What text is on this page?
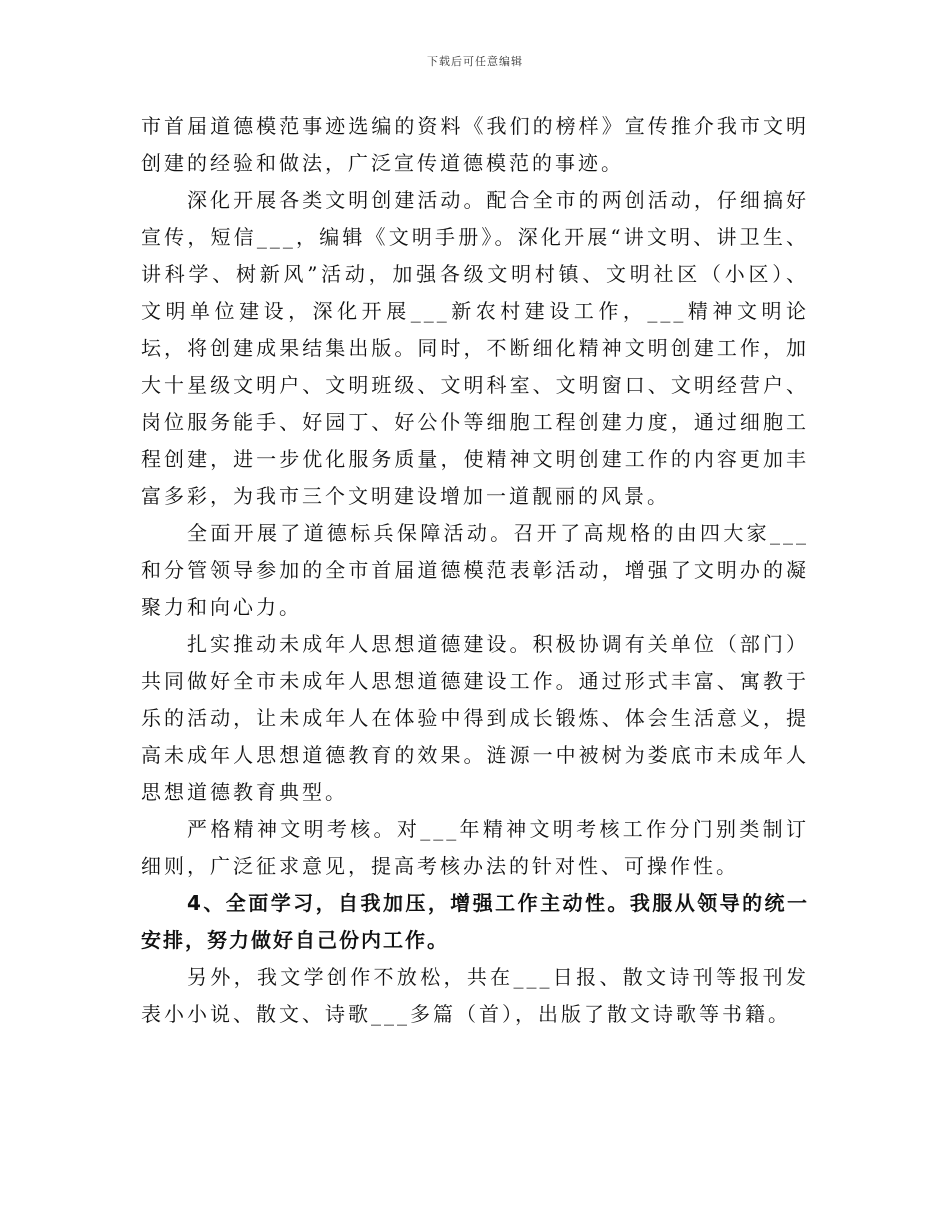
下载后可任意编辑

市首届道德模范事迹选编的资料《我们的榜样》宣传推介我市文明创建的经验和做法，广泛宣传道德模范的事迹。

深化开展各类文明创建活动。配合全市的两创活动，仔细搞好宣传，短信___，编辑《文明手册》。深化开展“讲文明、讲卫生、讲科学、树新风”活动，加强各级文明村镇、文明社区（小区）、文明单位建设，深化开展___新农村建设工作，___精神文明论坛，将创建成果结集出版。同时，不断细化精神文明创建工作，加大十星级文明户、文明班级、文明科室、文明窗口、文明经营户、岗位服务能手、好园丁、好公仆等细胞工程创建力度，通过细胞工程创建，进一步优化服务质量，使精神文明创建工作的内容更加丰富多彩，为我市三个文明建设增加一道靓丽的风景。

全面开展了道德标兵保障活动。召开了高规格的由四大家___和分管领导参加的全市首届道德模范表彰活动，增强了文明办的凝聚力和向心力。

扎实推动未成年人思想道德建设。积极协调有关单位（部门）共同做好全市未成年人思想道德建设工作。通过形式丰富、寓教于乐的活动，让未成年人在体验中得到成长锻炼、体会生活意义，提高未成年人思想道德教育的效果。涟源一中被树为娄底市未成年人思想道德教育典型。

严格精神文明考核。对___年精神文明考核工作分门别类制订细则，广泛征求意见，提高考核办法的针对性、可操作性。

4、全面学习，自我加压，增强工作主动性。我服从领导的统一安排，努力做好自己份内工作。

另外，我文学创作不放松，共在___日报、散文诗刊等报刊发表小小说、散文、诗歌___多篇（首），出版了散文诗歌等书籍。
